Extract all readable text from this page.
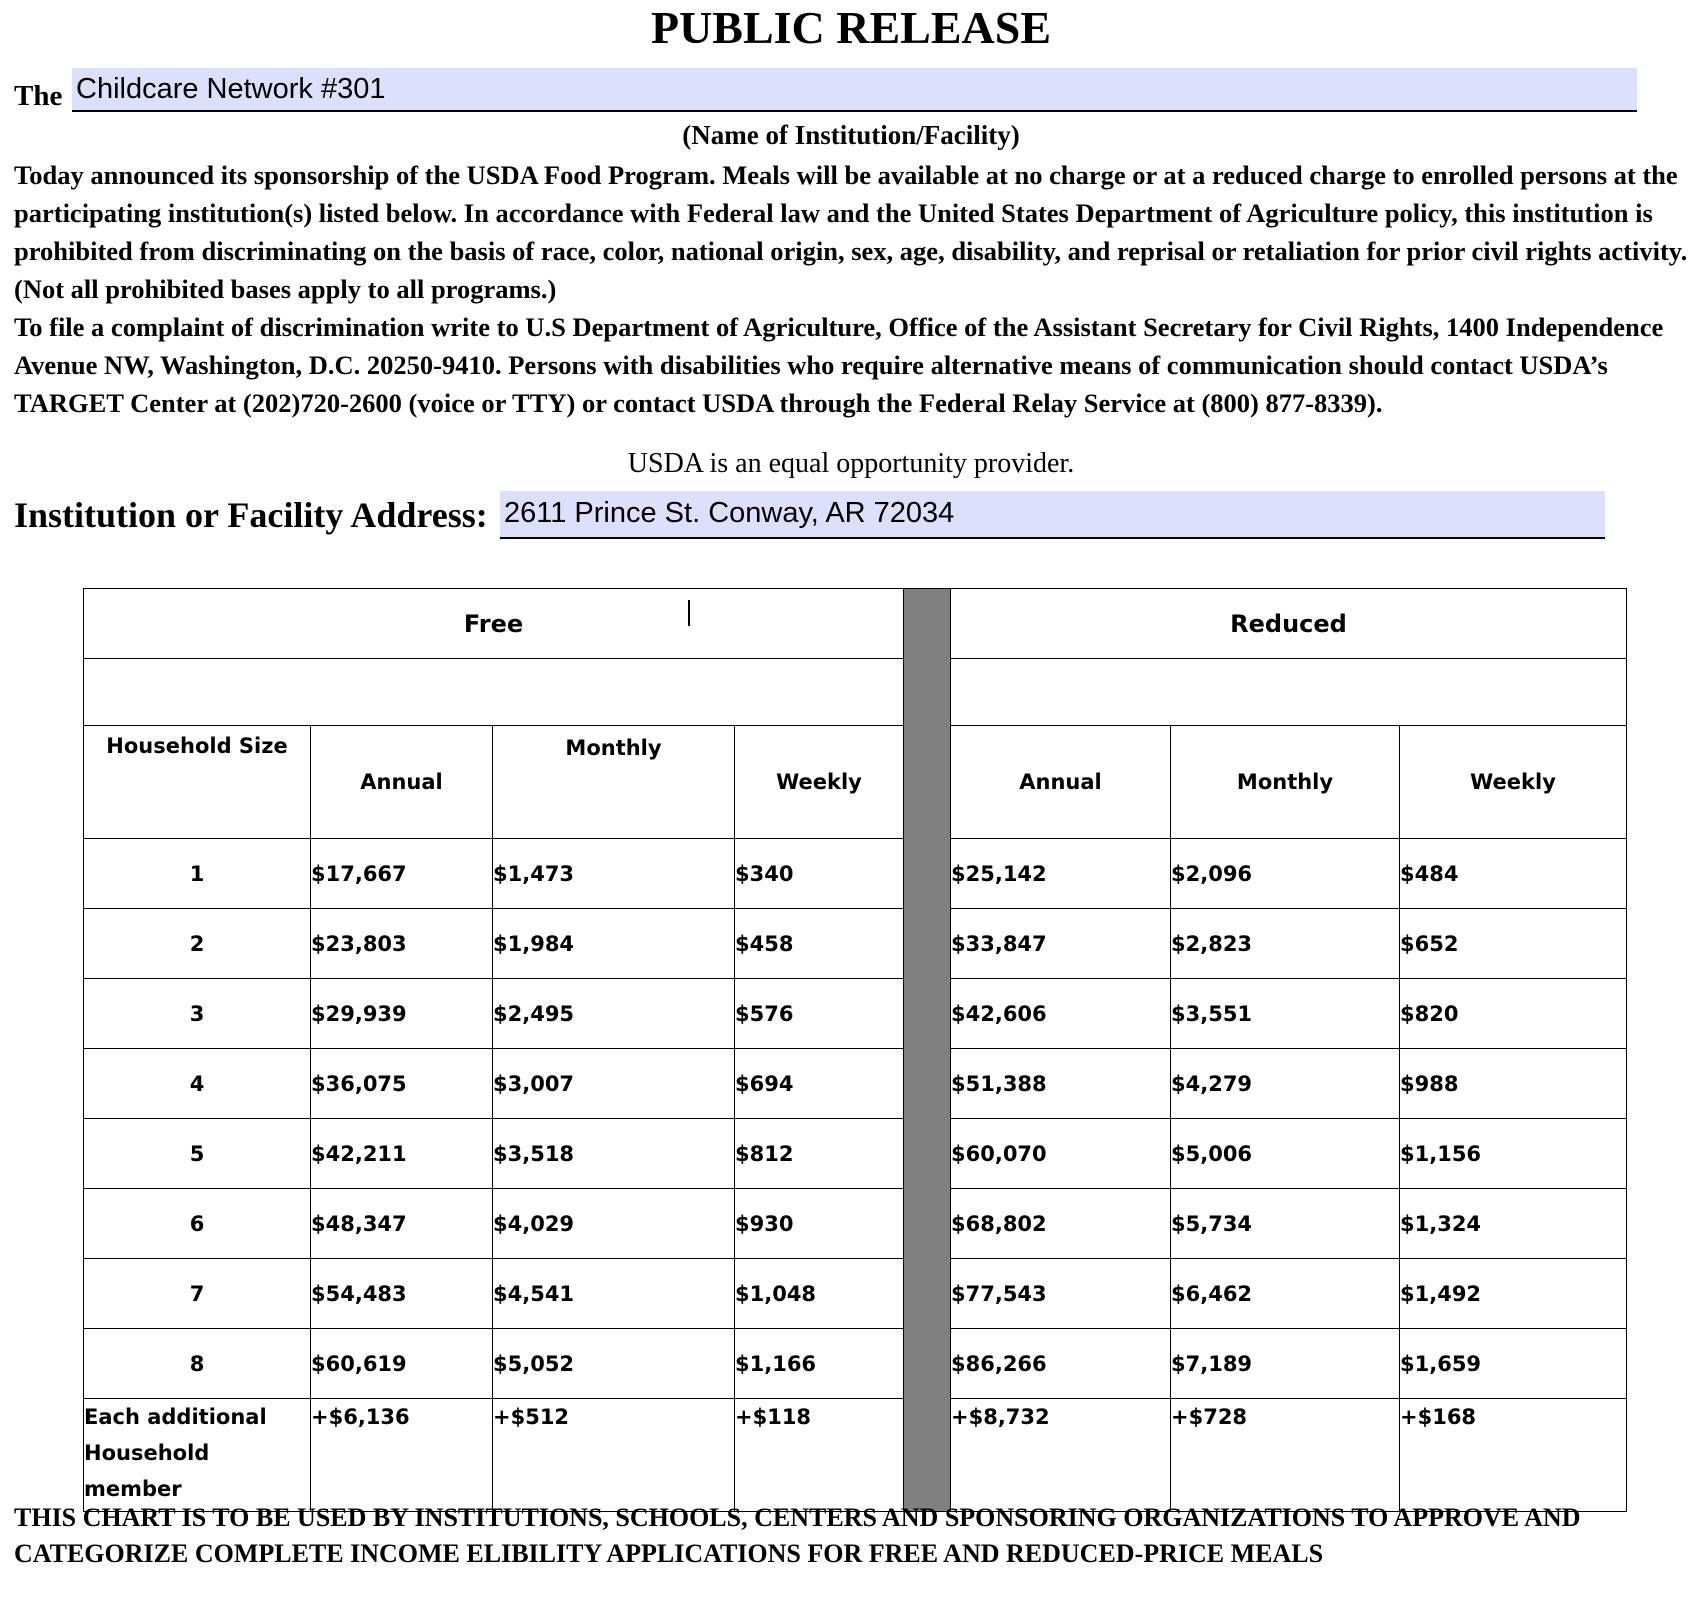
PUBLIC RELEASE
The Childcare Network #301
(Name of Institution/Facility)
Today announced its sponsorship of the USDA Food Program. Meals will be available at no charge or at a reduced charge to enrolled persons at the participating institution(s) listed below. In accordance with Federal law and the United States Department of Agriculture policy, this institution is prohibited from discriminating on the basis of race, color, national origin, sex, age, disability, and reprisal or retaliation for prior civil rights activity. (Not all prohibited bases apply to all programs.)
To file a complaint of discrimination write to U.S Department of Agriculture, Office of the Assistant Secretary for Civil Rights, 1400 Independence Avenue NW, Washington, D.C. 20250-9410. Persons with disabilities who require alternative means of communication should contact USDA’s TARGET Center at (202)720-2600 (voice or TTY) or contact USDA through the Federal Relay Service at (800) 877-8339).
USDA is an equal opportunity provider.
Institution or Facility Address: 2611 Prince St. Conway, AR 72034
Free					Reduced		

Household Size	Annual	Monthly	Weekly		Annual	Monthly	Weekly
1	$17,667	$1,473	$340		$25,142	$2,096	$484
2	$23,803	$1,984	$458		$33,847	$2,823	$652
3	$29,939	$2,495	$576		$42,606	$3,551	$820
4	$36,075	$3,007	$694		$51,388	$4,279	$988
5	$42,211	$3,518	$812		$60,070	$5,006	$1,156
6	$48,347	$4,029	$930		$68,802	$5,734	$1,324
7	$54,483	$4,541	$1,048		$77,543	$6,462	$1,492
8	$60,619	$5,052	$1,166		$86,266	$7,189	$1,659

Each additional
Household
member	+$6,136	+$512	+$118		+$8,732	+$728	+$168
THIS CHART IS TO BE USED BY INSTITUTIONS, SCHOOLS, CENTERS AND SPONSORING ORGANIZATIONS TO APPROVE AND CATEGORIZE COMPLETE INCOME ELIBILITY APPLICATIONS FOR FREE AND REDUCED-PRICE MEALS
